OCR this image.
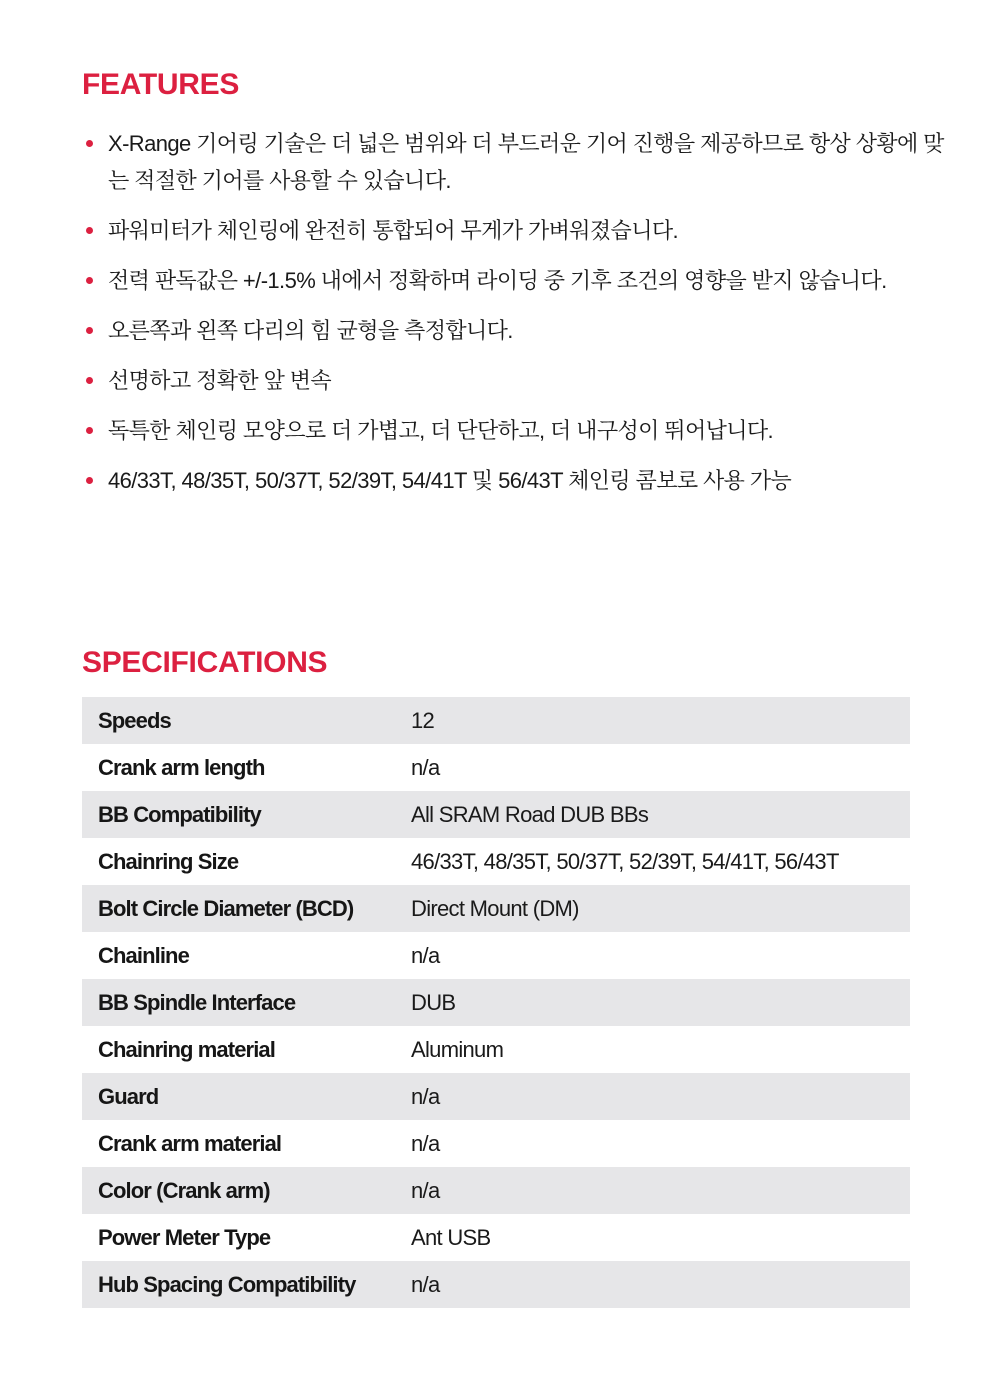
FEATURES
X-Range 기어링 기술은 더 넓은 범위와 더 부드러운 기어 진행을 제공하므로 항상 상황에 맞는 적절한 기어를 사용할 수 있습니다.
파워미터가 체인링에 완전히 통합되어 무게가 가벼워졌습니다.
전력 판독값은 +/-1.5% 내에서 정확하며 라이딩 중 기후 조건의 영향을 받지 않습니다.
오른쪽과 왼쪽 다리의 힘 균형을 측정합니다.
선명하고 정확한 앞 변속
독특한 체인링 모양으로 더 가볍고, 더 단단하고, 더 내구성이 뛰어납니다.
46/33T, 48/35T, 50/37T, 52/39T, 54/41T 및 56/43T 체인링 콤보로 사용 가능
SPECIFICATIONS
Speeds	12
Crank arm length	n/a
BB Compatibility	All SRAM Road DUB BBs
Chainring Size	46/33T, 48/35T, 50/37T, 52/39T, 54/41T, 56/43T
Bolt Circle Diameter (BCD)	Direct Mount (DM)
Chainline	n/a
BB Spindle Interface	DUB
Chainring material	Aluminum
Guard	n/a
Crank arm material	n/a
Color (Crank arm)	n/a
Power Meter Type	Ant USB
Hub Spacing Compatibility	n/a
